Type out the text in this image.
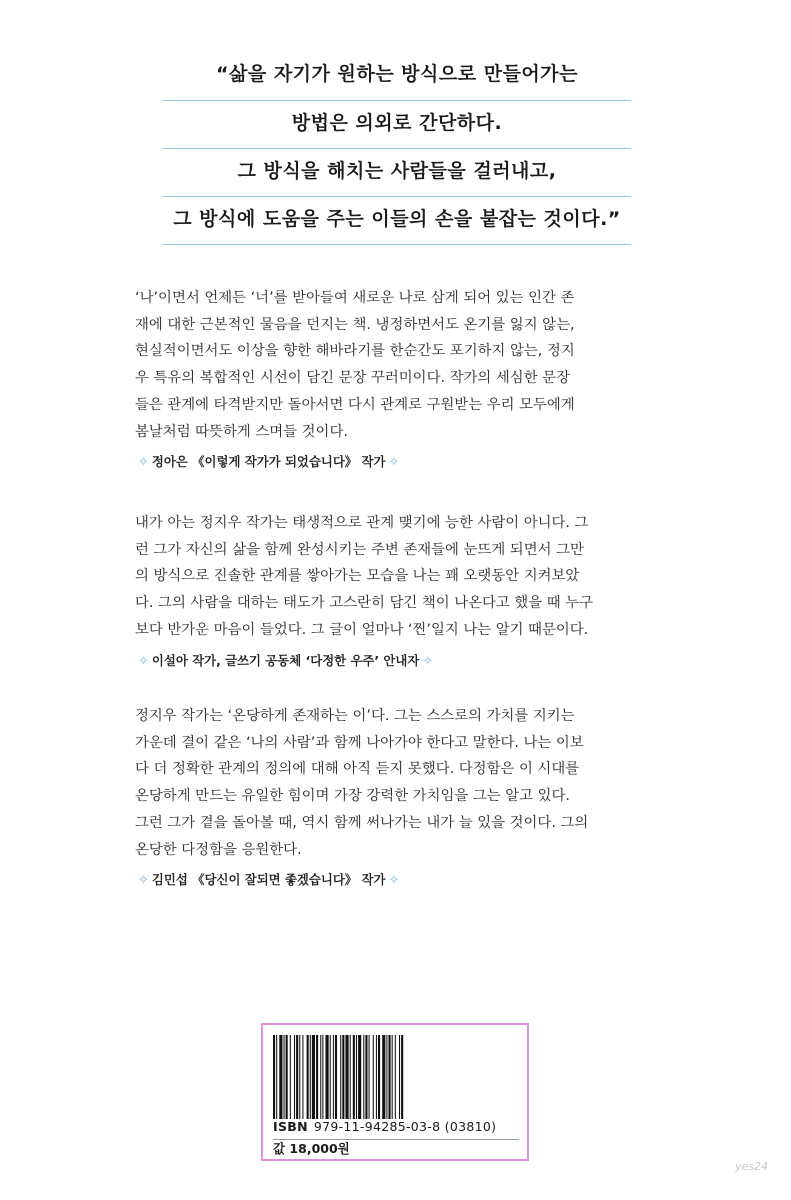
“삶을 자기가 원하는 방식으로 만들어가는
방법은 의외로 간단하다.
그 방식을 해치는 사람들을 걸러내고,
그 방식에 도움을 주는 이들의 손을 붙잡는 것이다.”

‘나’이면서 언제든 ‘너’를 받아들여 새로운 나로 삼게 되어 있는 인간 존
재에 대한 근본적인 물음을 던지는 책. 냉정하면서도 온기를 잃지 않는,
현실적이면서도 이상을 향한 해바라기를 한순간도 포기하지 않는, 정지
우 특유의 복합적인 시선이 담긴 문장 꾸러미이다. 작가의 세심한 문장
들은 관계에 타격받지만 돌아서면 다시 관계로 구원받는 우리 모두에게
봄날처럼 따뜻하게 스며들 것이다.

✧ 정아은 《이렇게 작가가 되었습니다》 작가 ✧

내가 아는 정지우 작가는 태생적으로 관계 맺기에 능한 사람이 아니다. 그
런 그가 자신의 삶을 함께 완성시키는 주변 존재들에 눈뜨게 되면서 그만
의 방식으로 진솔한 관계를 쌓아가는 모습을 나는 꽤 오랫동안 지켜보았
다. 그의 사람을 대하는 태도가 고스란히 담긴 책이 나온다고 했을 때 누구
보다 반가운 마음이 들었다. 그 글이 얼마나 ‘찐’일지 나는 알기 때문이다.

✧ 이설아 작가, 글쓰기 공동체 ‘다정한 우주’ 안내자 ✧

정지우 작가는 ‘온당하게 존재하는 이’다. 그는 스스로의 가치를 지키는
가운데 결이 같은 ‘나의 사람’과 함께 나아가야 한다고 말한다. 나는 이보
다 더 정확한 관계의 정의에 대해 아직 듣지 못했다. 다정함은 이 시대를
온당하게 만드는 유일한 힘이며 가장 강력한 가치임을 그는 알고 있다.
그런 그가 곁을 돌아볼 때, 역시 함께 써나가는 내가 늘 있을 것이다. 그의
온당한 다정함을 응원한다.

✧ 김민섭 《당신이 잘되면 좋겠습니다》 작가 ✧
ISBN 979-11-94285-03-8 (03810)
값 18,000원
yes24
